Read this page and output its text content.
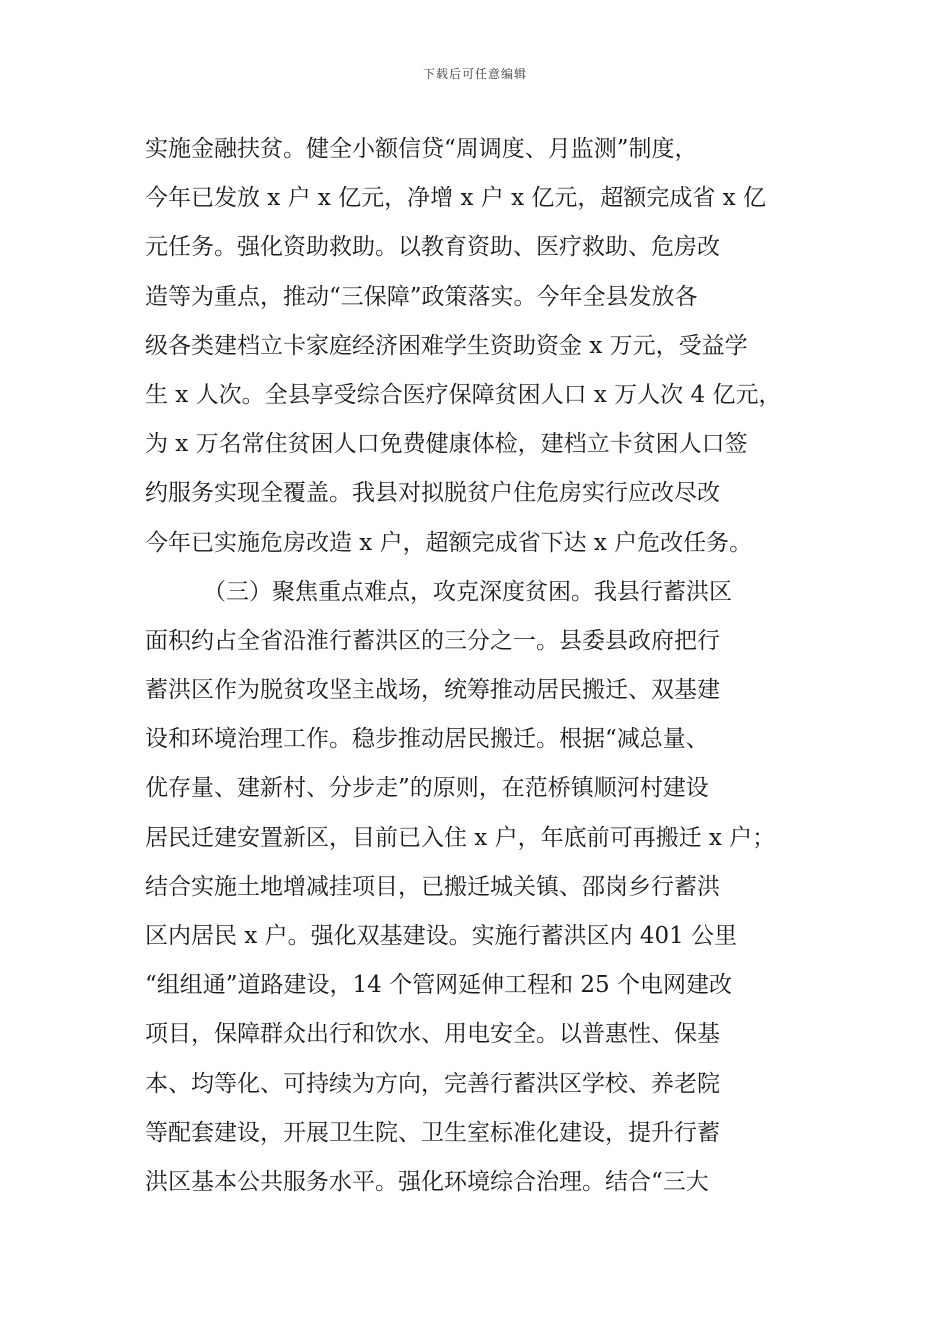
下载后可任意编辑
实施金融扶贫。健全小额信贷“周调度、月监测”制度，
今年已发放 x 户 x 亿元，净增 x 户 x 亿元，超额完成省 x 亿
元任务。强化资助救助。以教育资助、医疗救助、危房改
造等为重点，推动“三保障”政策落实。今年全县发放各
级各类建档立卡家庭经济困难学生资助资金 x 万元，受益学
生 x 人次。全县享受综合医疗保障贫困人口 x 万人次 4 亿元，
为 x 万名常住贫困人口免费健康体检，建档立卡贫困人口签
约服务实现全覆盖。我县对拟脱贫户住危房实行应改尽改
今年已实施危房改造 x 户，超额完成省下达 x 户危改任务。
（三）聚焦重点难点，攻克深度贫困。我县行蓄洪区
面积约占全省沿淮行蓄洪区的三分之一。县委县政府把行
蓄洪区作为脱贫攻坚主战场，统筹推动居民搬迁、双基建
设和环境治理工作。稳步推动居民搬迁。根据“减总量、
优存量、建新村、分步走”的原则，在范桥镇顺河村建设
居民迁建安置新区，目前已入住 x 户，年底前可再搬迁 x 户；
结合实施土地增减挂项目，已搬迁城关镇、邵岗乡行蓄洪
区内居民 x 户。强化双基建设。实施行蓄洪区内 401 公里
“组组通”道路建设，14 个管网延伸工程和 25 个电网建改
项目，保障群众出行和饮水、用电安全。以普惠性、保基
本、均等化、可持续为方向，完善行蓄洪区学校、养老院
等配套建设，开展卫生院、卫生室标准化建设，提升行蓄
洪区基本公共服务水平。强化环境综合治理。结合“三大
